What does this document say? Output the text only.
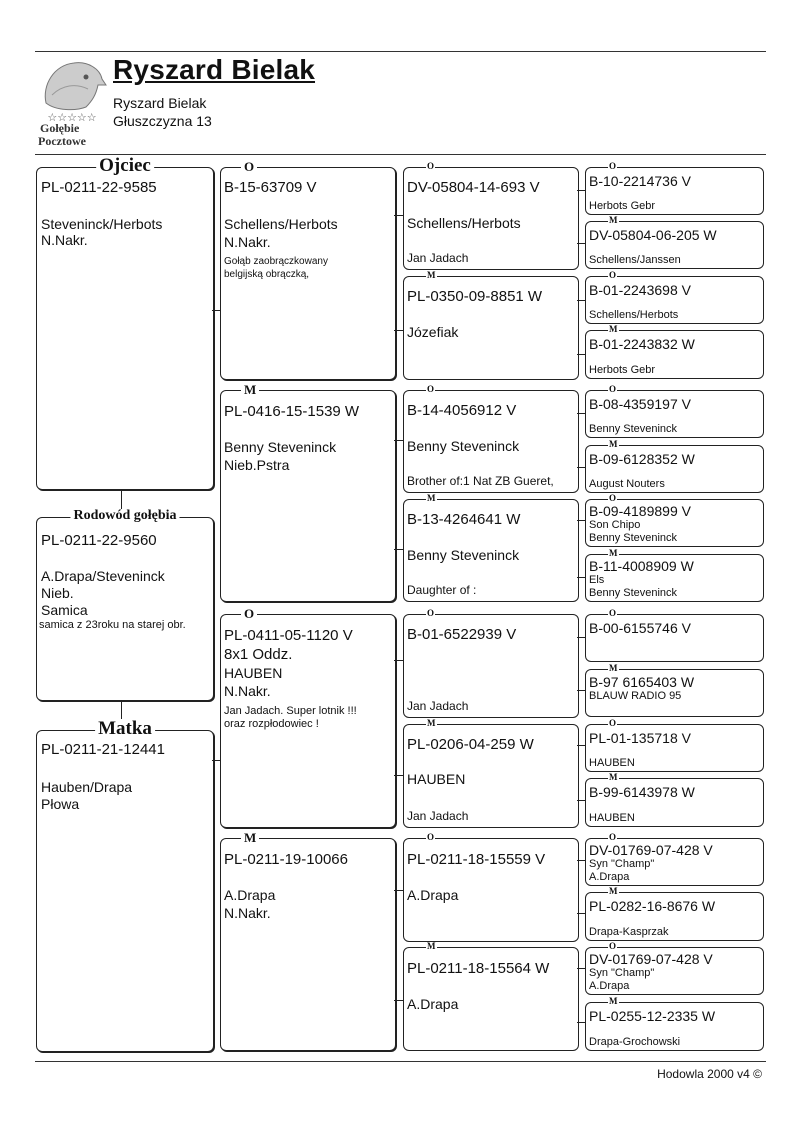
☆☆☆☆☆
Gołębie
Pocztowe
Ryszard Bielak
Ryszard Bielak
Głuszczyzna 13
Ojciec
PL-0211-22-9585
Steveninck/Herbots
N.Nakr.
Rodowód gołębia
PL-0211-22-9560
A.Drapa/Steveninck
Nieb.
Samica
samica z 23roku na starej obr.
Matka
PL-0211-21-12441
Hauben/Drapa
Płowa
O
B-15-63709 V
Schellens/Herbots
N.Nakr.
Gołąb zaobrączkowany
belgijską obrączką,
M
PL-0416-15-1539 W
Benny Steveninck
Nieb.Pstra
O
PL-0411-05-1120 V
8x1 Oddz.
HAUBEN
N.Nakr.
Jan Jadach. Super lotnik !!!
oraz rozpłodowiec !
M
PL-0211-19-10066
A.Drapa
N.Nakr.
O
DV-05804-14-693 V
Schellens/Herbots
Jan Jadach
M
PL-0350-09-8851 W
Józefiak
O
B-14-4056912 V
Benny Steveninck
Brother of:1 Nat ZB Gueret,
M
B-13-4264641 W
Benny Steveninck
Daughter of :
O
B-01-6522939 V
Jan Jadach
M
PL-0206-04-259 W
HAUBEN
Jan Jadach
O
PL-0211-18-15559 V
A.Drapa
M
PL-0211-18-15564 W
A.Drapa
O
B-10-2214736 V
Herbots Gebr
M
DV-05804-06-205 W
Schellens/Janssen
O
B-01-2243698 V
Schellens/Herbots
M
B-01-2243832 W
Herbots Gebr
O
B-08-4359197 V
Benny Steveninck
M
B-09-6128352 W
August Nouters
O
B-09-4189899 V
Son Chipo
Benny Steveninck
M
B-11-4008909 W
Els
Benny Steveninck
O
B-00-6155746 V
M
B-97 6165403 W
BLAUW RADIO 95
O
PL-01-135718 V
HAUBEN
M
B-99-6143978 W
HAUBEN
O
DV-01769-07-428 V
Syn "Champ"
A.Drapa
M
PL-0282-16-8676 W
Drapa-Kasprzak
O
DV-01769-07-428 V
Syn "Champ"
A.Drapa
M
PL-0255-12-2335 W
Drapa-Grochowski
Hodowla 2000 v4 ©
